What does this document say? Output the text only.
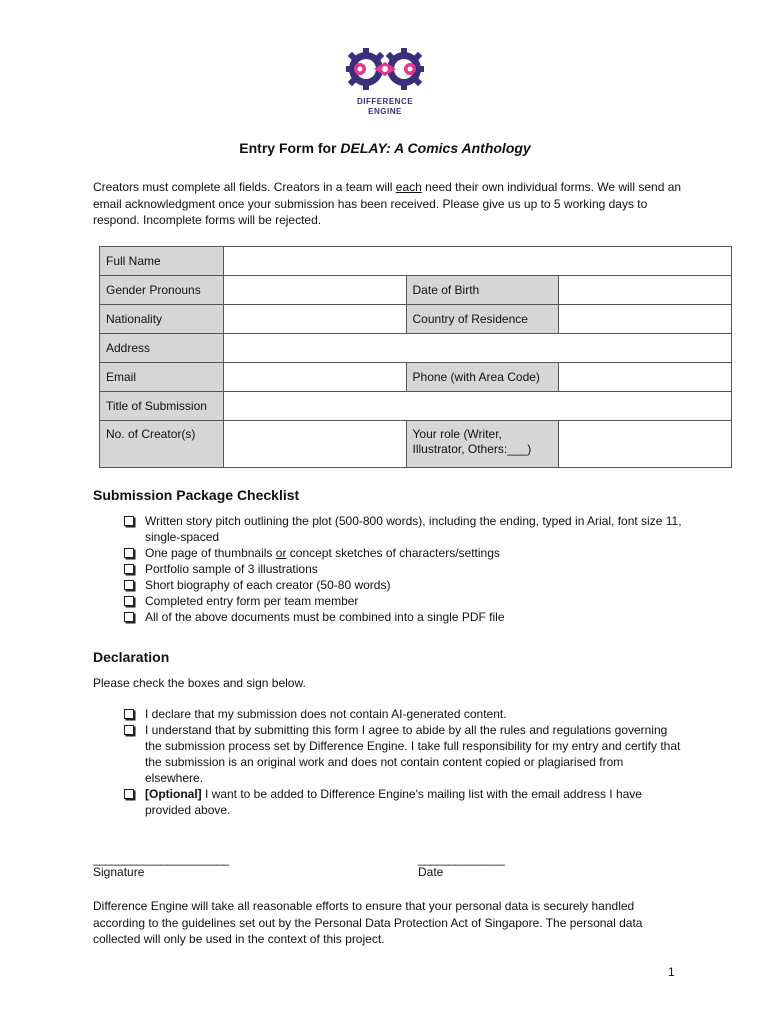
DIFFERENCE
ENGINE
Entry Form for DELAY: A Comics Anthology
Creators must complete all fields. Creators in a team will each need their own individual forms. We will send an email acknowledgment once your submission has been received. Please give us up to 5 working days to respond. Incomplete forms will be rejected.
Full Name			
Gender Pronouns		Date of Birth	
Nationality		Country of Residence	
Address			
Email		Phone (with Area Code)	
Title of Submission			
No. of Creator(s)		Your role (Writer, Illustrator, Others:___)	
Submission Package Checklist
Written story pitch outlining the plot (500-800 words), including the ending, typed in Arial, font size 11, single-spaced
One page of thumbnails or concept sketches of characters/settings
Portfolio sample of 3 illustrations
Short biography of each creator (50-80 words)
Completed entry form per team member
All of the above documents must be combined into a single PDF file
Declaration
Please check the boxes and sign below.
I declare that my submission does not contain AI-generated content.
I understand that by submitting this form I agree to abide by all the rules and regulations governing the submission process set by Difference Engine. I take full responsibility for my entry and certify that the submission is an original work and does not contain content copied or plagiarised from elsewhere.
[Optional] I want to be added to Difference Engine's mailing list with the email address I have provided above.
______________________
Signature
______________
Date
Difference Engine will take all reasonable efforts to ensure that your personal data is securely handled according to the guidelines set out by the Personal Data Protection Act of Singapore. The personal data collected will only be used in the context of this project.
1
